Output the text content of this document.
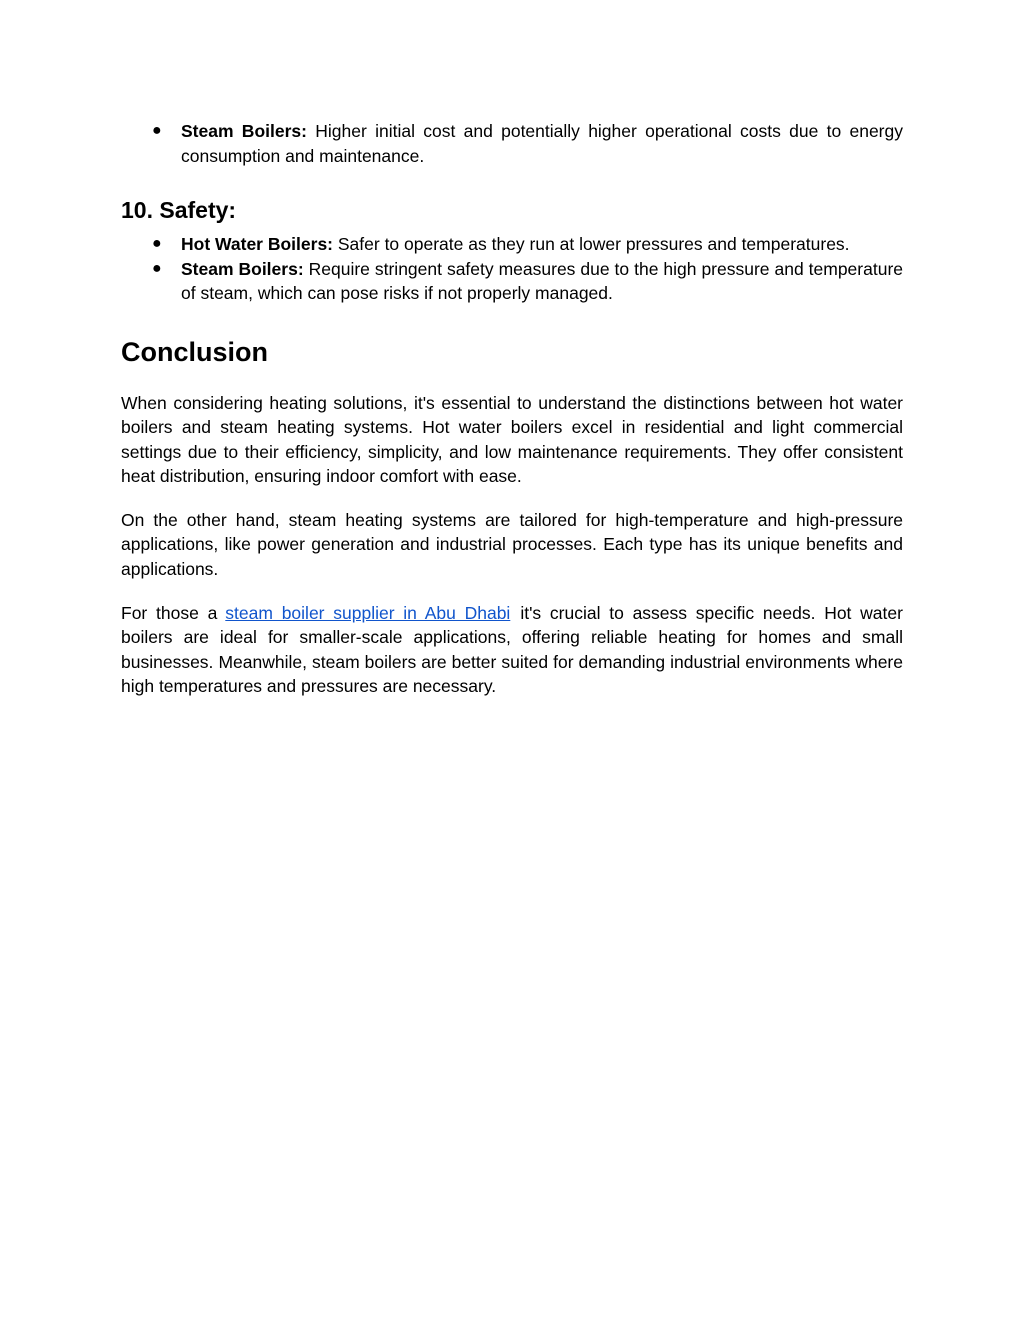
● Steam Boilers: Higher initial cost and potentially higher operational costs due to energy consumption and maintenance.
10. Safety:
● Hot Water Boilers: Safer to operate as they run at lower pressures and temperatures.
● Steam Boilers: Require stringent safety measures due to the high pressure and temperature of steam, which can pose risks if not properly managed.
Conclusion

When considering heating solutions, it's essential to understand the distinctions between hot water boilers and steam heating systems. Hot water boilers excel in residential and light commercial settings due to their efficiency, simplicity, and low maintenance requirements. They offer consistent heat distribution, ensuring indoor comfort with ease.

On the other hand, steam heating systems are tailored for high-temperature and high-pressure applications, like power generation and industrial processes. Each type has its unique benefits and applications.

For those a steam boiler supplier in Abu Dhabi it's crucial to assess specific needs. Hot water boilers are ideal for smaller-scale applications, offering reliable heating for homes and small businesses. Meanwhile, steam boilers are better suited for demanding industrial environments where high temperatures and pressures are necessary.
